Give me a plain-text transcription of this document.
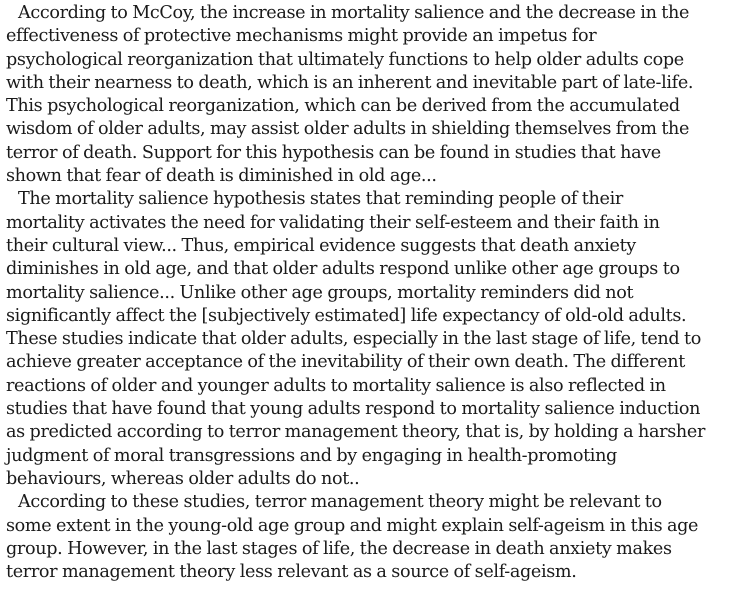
According to McCoy, the increase in mortality salience and the decrease in the
effectiveness of protective mechanisms might provide an impetus for
psychological reorganization that ultimately functions to help older adults cope
with their nearness to death, which is an inherent and inevitable part of late-life.
This psychological reorganization, which can be derived from the accumulated
wisdom of older adults, may assist older adults in shielding themselves from the
terror of death. Support for this hypothesis can be found in studies that have
shown that fear of death is diminished in old age...

The mortality salience hypothesis states that reminding people of their
mortality activates the need for validating their self-esteem and their faith in
their cultural view... Thus, empirical evidence suggests that death anxiety
diminishes in old age, and that older adults respond unlike other age groups to
mortality salience... Unlike other age groups, mortality reminders did not
significantly affect the [subjectively estimated] life expectancy of old-old adults.
These studies indicate that older adults, especially in the last stage of life, tend to
achieve greater acceptance of the inevitability of their own death. The different
reactions of older and younger adults to mortality salience is also reflected in
studies that have found that young adults respond to mortality salience induction
as predicted according to terror management theory, that is, by holding a harsher
judgment of moral transgressions and by engaging in health-promoting
behaviours, whereas older adults do not..

According to these studies, terror management theory might be relevant to
some extent in the young-old age group and might explain self-ageism in this age
group. However, in the last stages of life, the decrease in death anxiety makes
terror management theory less relevant as a source of self-ageism.
